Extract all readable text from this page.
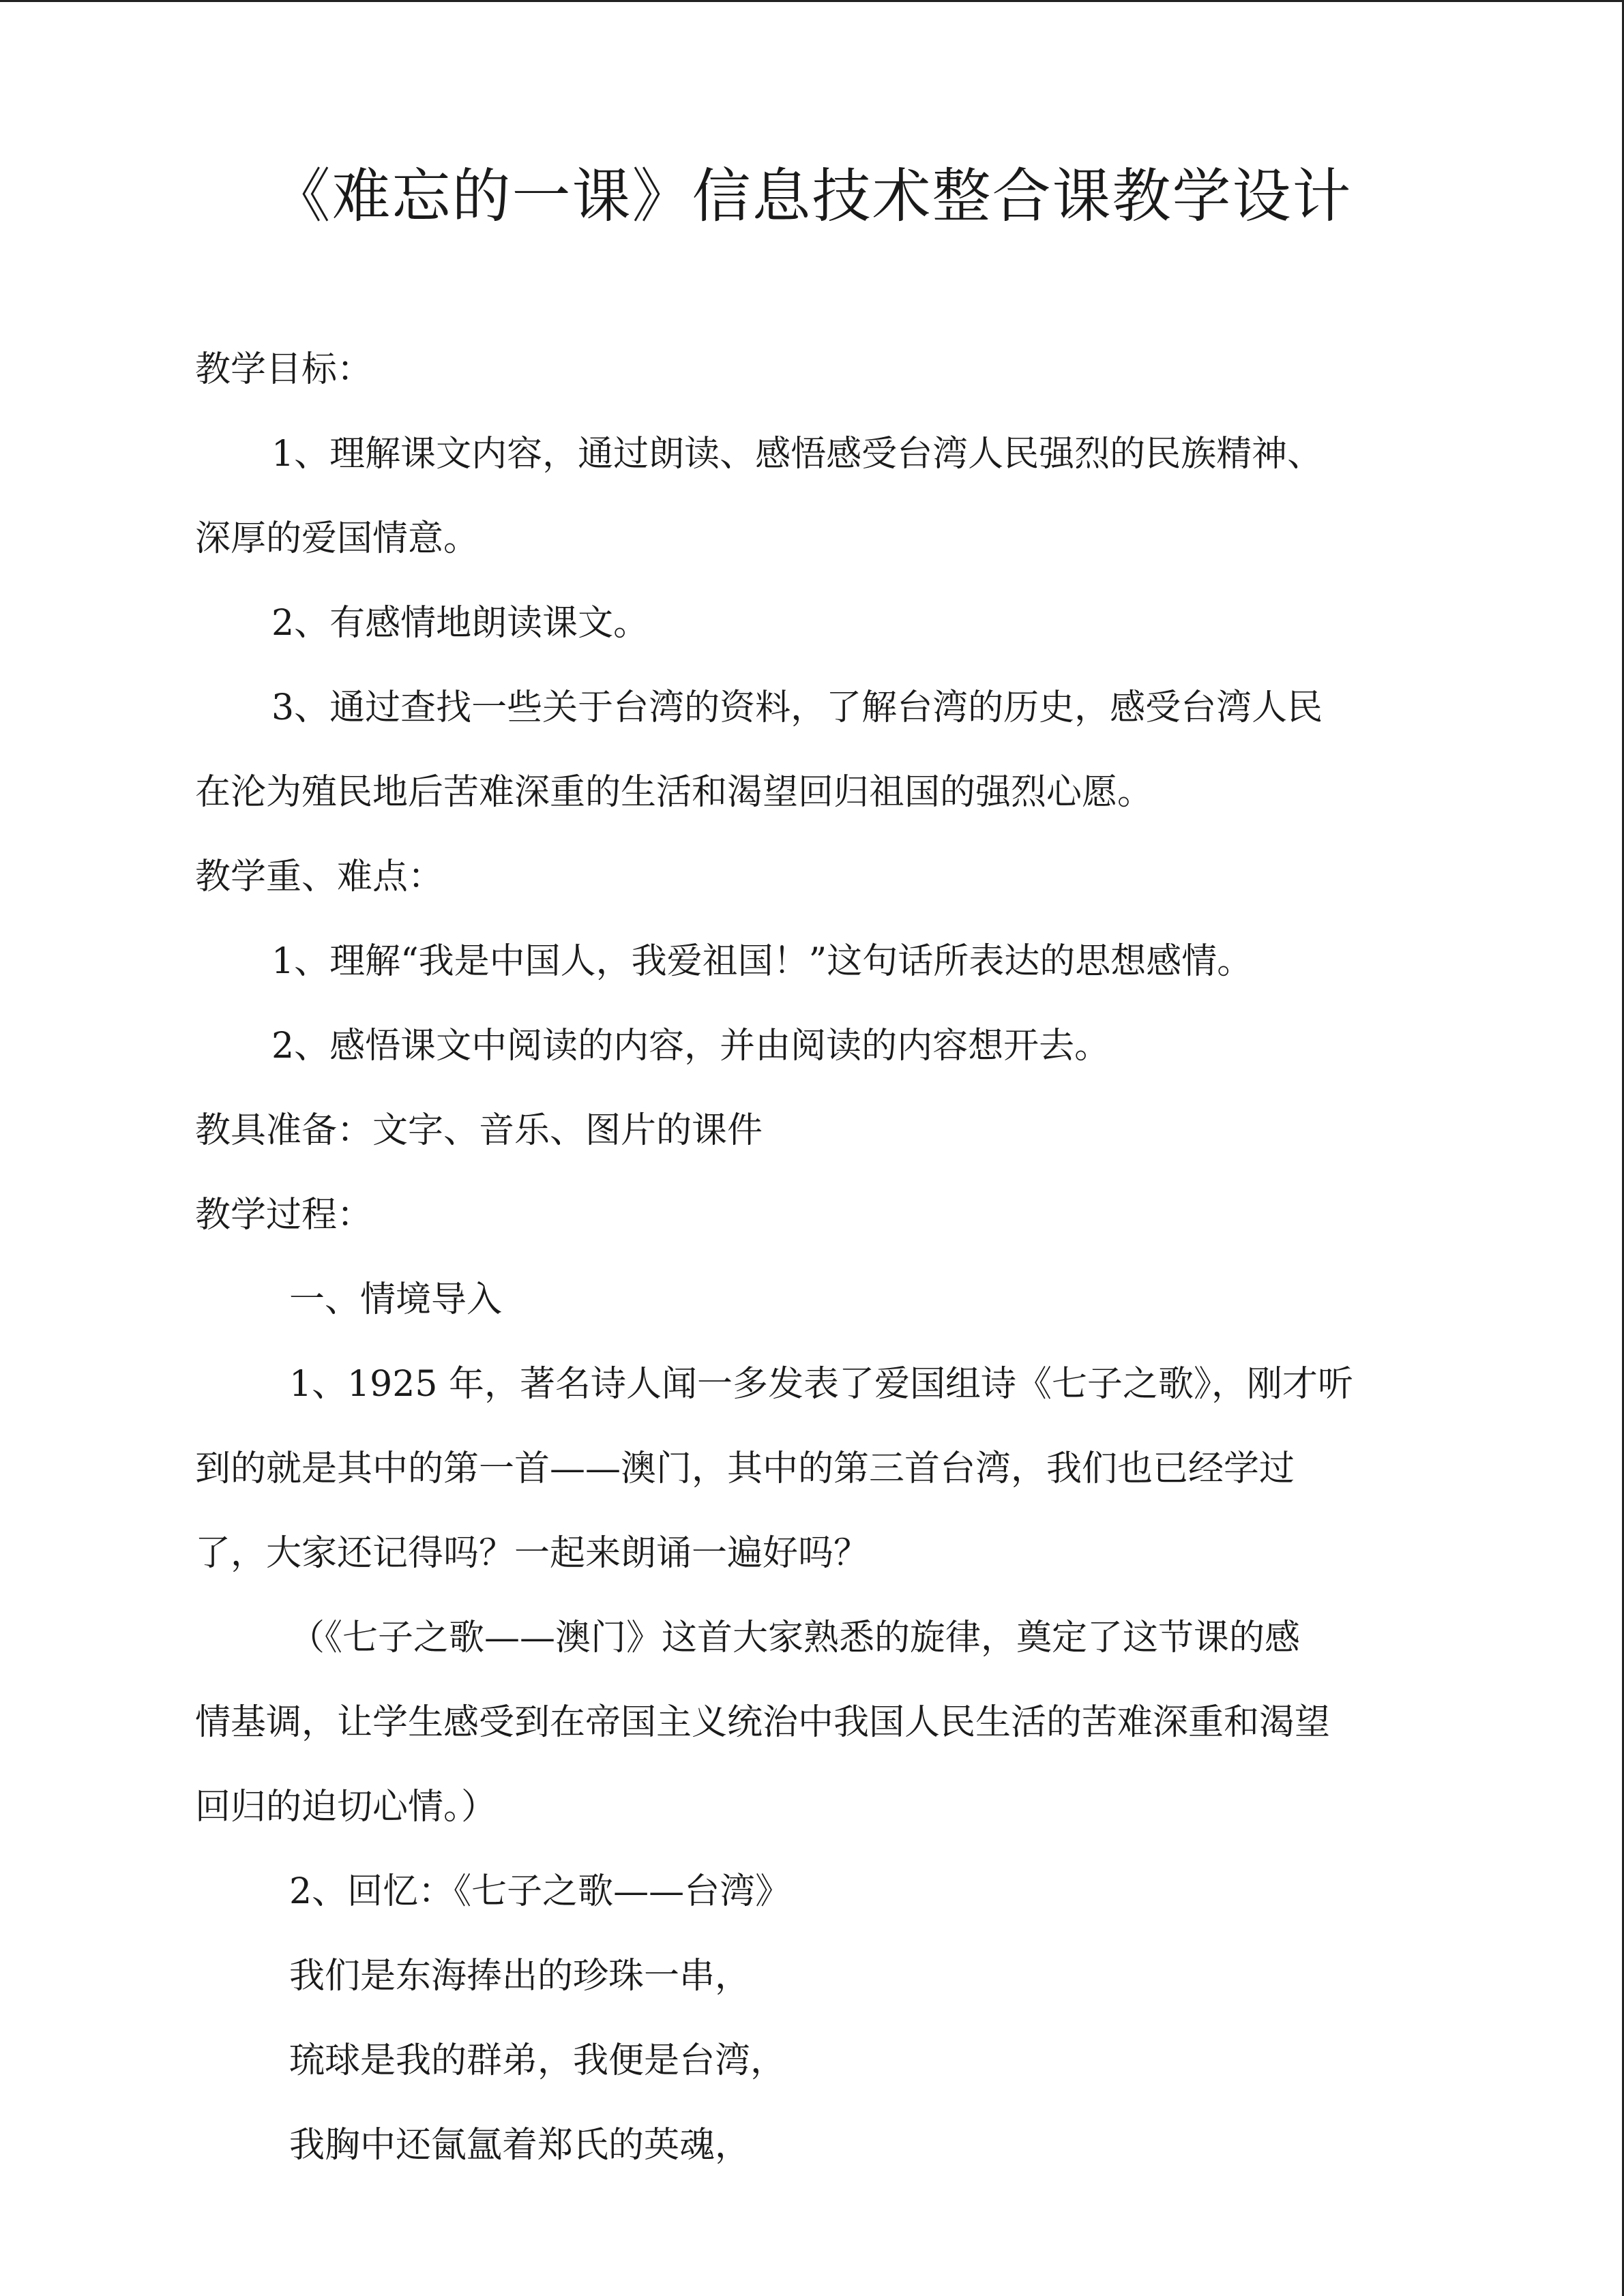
《难忘的一课》信息技术整合课教学设计
教学目标：
1、理解课文内容，通过朗读、感悟感受台湾人民强烈的民族精神、
深厚的爱国情意。
2、有感情地朗读课文。
3、通过查找一些关于台湾的资料，了解台湾的历史，感受台湾人民
在沦为殖民地后苦难深重的生活和渴望回归祖国的强烈心愿。
教学重、难点：
1、理解“我是中国人，我爱祖国！”这句话所表达的思想感情。
2、感悟课文中阅读的内容，并由阅读的内容想开去。
教具准备：文字、音乐、图片的课件
教学过程：
一、情境导入
1、1925 年，著名诗人闻一多发表了爱国组诗《七子之歌》，刚才听
到的就是其中的第一首——澳门，其中的第三首台湾，我们也已经学过
了，大家还记得吗？一起来朗诵一遍好吗？
（《七子之歌——澳门》这首大家熟悉的旋律，奠定了这节课的感
情基调，让学生感受到在帝国主义统治中我国人民生活的苦难深重和渴望
回归的迫切心情。）
2、回忆：《七子之歌——台湾》
我们是东海捧出的珍珠一串，
琉球是我的群弟，我便是台湾，
我胸中还氤氲着郑氏的英魂，
